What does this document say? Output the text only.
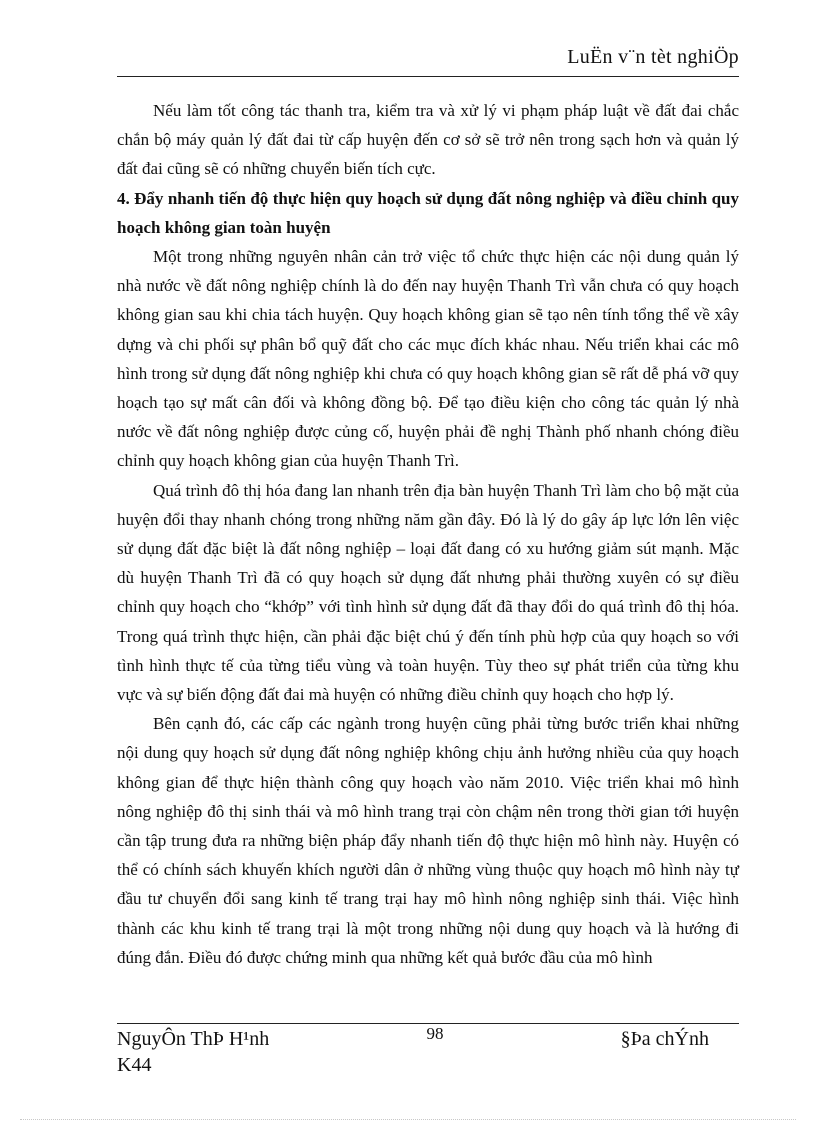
LuËn v¨n tèt nghiÖp

Nếu làm tốt công tác thanh tra, kiểm tra và xử lý vi phạm pháp luật về đất đai chắc chắn bộ máy quản lý đất đai từ cấp huyện đến cơ sở sẽ trở nên trong sạch hơn và quản lý đất đai cũng sẽ có những chuyển biến tích cực.

4. Đẩy nhanh tiến độ thực hiện quy hoạch sử dụng đất nông nghiệp và điều chỉnh quy hoạch không gian toàn huyện

Một trong những nguyên nhân cản trở việc tổ chức thực hiện các nội dung quản lý nhà nước về đất nông nghiệp chính là do đến nay huyện Thanh Trì vẫn chưa có quy hoạch không gian sau khi chia tách huyện. Quy hoạch không gian sẽ tạo nên tính tổng thể về xây dựng và chi phối sự phân bổ quỹ đất cho các mục đích khác nhau. Nếu triển khai các mô hình trong sử dụng đất nông nghiệp khi chưa có quy hoạch không gian sẽ rất dễ phá vỡ quy hoạch tạo sự mất cân đối và không đồng bộ. Để tạo điều kiện cho công tác quản lý nhà nước về đất nông nghiệp được củng cố, huyện phải đề nghị Thành phố nhanh chóng điều chỉnh quy hoạch không gian của huyện Thanh Trì.

Quá trình đô thị hóa đang lan nhanh trên địa bàn huyện Thanh Trì làm cho bộ mặt của huyện đổi thay nhanh chóng trong những năm gần đây. Đó là lý do gây áp lực lớn lên việc sử dụng đất đặc biệt là đất nông nghiệp – loại đất đang có xu hướng giảm sút mạnh. Mặc dù huyện Thanh Trì đã có quy hoạch sử dụng đất nhưng phải thường xuyên có sự điều chỉnh quy hoạch cho “khớp” với tình hình sử dụng đất đã thay đổi do quá trình đô thị hóa. Trong quá trình thực hiện, cần phải đặc biệt chú ý đến tính phù hợp của quy hoạch so với tình hình thực tế của từng tiểu vùng và toàn huyện. Tùy theo sự phát triển của từng khu vực và sự biến động đất đai mà huyện có những điều chỉnh quy hoạch cho hợp lý.

Bên cạnh đó, các cấp các ngành trong huyện cũng phải từng bước triển khai những nội dung quy hoạch sử dụng đất nông nghiệp không chịu ảnh hưởng nhiều của quy hoạch không gian để thực hiện thành công quy hoạch vào năm 2010. Việc triển khai mô hình nông nghiệp đô thị sinh thái và mô hình trang trại còn chậm nên trong thời gian tới huyện cần tập trung đưa ra những biện pháp đẩy nhanh tiến độ thực hiện mô hình này. Huyện có thể có chính sách khuyến khích người dân ở những vùng thuộc quy hoạch mô hình này tự đầu tư chuyển đổi sang kinh tế trang trại hay mô hình nông nghiệp sinh thái. Việc hình thành các khu kinh tế trang trại là một trong những nội dung quy hoạch và là hướng đi đúng đắn. Điều đó được chứng minh qua những kết quả bước đầu của mô hình

NguyÔn ThÞ H¹nh
K44
98	§Þa chÝnh
